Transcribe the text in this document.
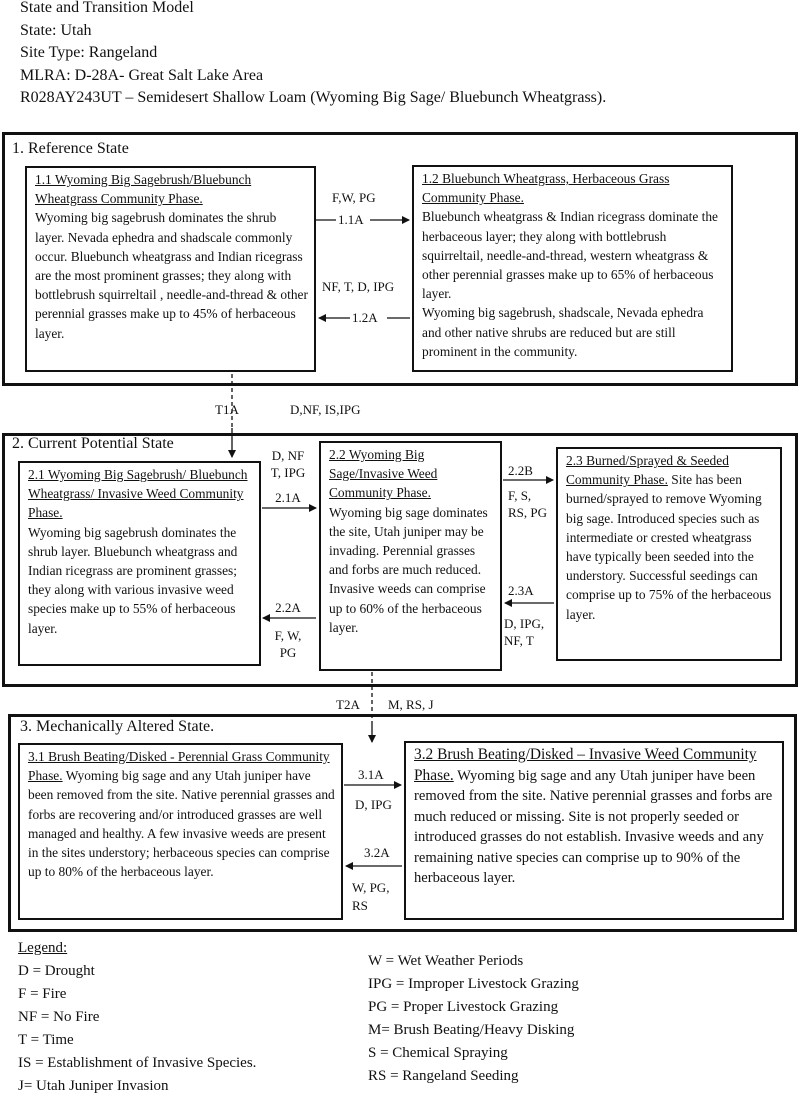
State and Transition Model
State: Utah
Site Type: Rangeland
MLRA: D-28A- Great Salt Lake Area
R028AY243UT – Semidesert Shallow Loam (Wyoming Big Sage/ Bluebunch Wheatgrass).
1. Reference State
1.1 Wyoming Big Sagebrush/Bluebunch Wheatgrass Community Phase.
Wyoming big sagebrush dominates the shrub layer. Nevada ephedra and shadscale commonly occur. Bluebunch wheatgrass and Indian ricegrass are the most prominent grasses; they along with bottlebrush squirreltail , needle-and-thread & other perennial grasses make up to 45% of herbaceous layer.
1.2 Bluebunch Wheatgrass, Herbaceous Grass Community Phase.

Bluebunch wheatgrass & Indian ricegrass dominate the herbaceous layer; they along with bottlebrush squirreltail, needle-and-thread, western wheatgrass & other perennial grasses make up to 65% of herbaceous layer.

Wyoming big sagebrush, shadscale, Nevada ephedra and other native shrubs are reduced but are still prominent in the community.

F,W, PG
1.1A
NF, T, D, IPG
1.2A
T1A	D,NF, IS,IPG
2. Current Potential State
2.1 Wyoming Big Sagebrush/ Bluebunch Wheatgrass/ Invasive Weed Community Phase.
Wyoming big sagebrush dominates the shrub layer. Bluebunch wheatgrass and Indian ricegrass are prominent grasses; they along with various invasive weed species make up to 55% of herbaceous layer.
2.2 Wyoming Big Sage/Invasive Weed Community Phase.
Wyoming big sage dominates the site, Utah juniper may be invading. Perennial grasses and forbs are much reduced. Invasive weeds can comprise up to 60% of the herbaceous layer.
2.3 Burned/Sprayed & Seeded Community Phase. Site has been burned/sprayed to remove Wyoming big sage. Introduced species such as intermediate or crested wheatgrass have typically been seeded into the understory. Successful seedings can comprise up to 75% of the herbaceous layer.
D, NF
T, IPG
2.1A
2.2A
F, W,
PG
2.2B
F, S,
RS, PG
2.3A
D, IPG,
NF, T
T2A M, RS, J
3. Mechanically Altered State.
3.1 Brush Beating/Disked - Perennial Grass Community Phase. Wyoming big sage and any Utah juniper have been removed from the site. Native perennial grasses and forbs are recovering and/or introduced grasses are well managed and healthy. A few invasive weeds are present in the sites understory; herbaceous species can comprise up to 80% of the herbaceous layer.
3.2 Brush Beating/Disked – Invasive Weed Community Phase. Wyoming big sage and any Utah juniper have been removed from the site. Native perennial grasses and forbs are much reduced or missing. Site is not properly seeded or introduced grasses do not establish. Invasive weeds and any remaining native species can comprise up to 90% of the herbaceous layer.
3.1A
D, IPG
3.2A
W, PG,
RS
Legend:
D = Drought
F = Fire
NF = No Fire
T = Time
IS = Establishment of Invasive Species.
J= Utah Juniper Invasion
W = Wet Weather Periods
IPG = Improper Livestock Grazing
PG = Proper Livestock Grazing
M= Brush Beating/Heavy Disking
S = Chemical Spraying
RS = Rangeland Seeding
